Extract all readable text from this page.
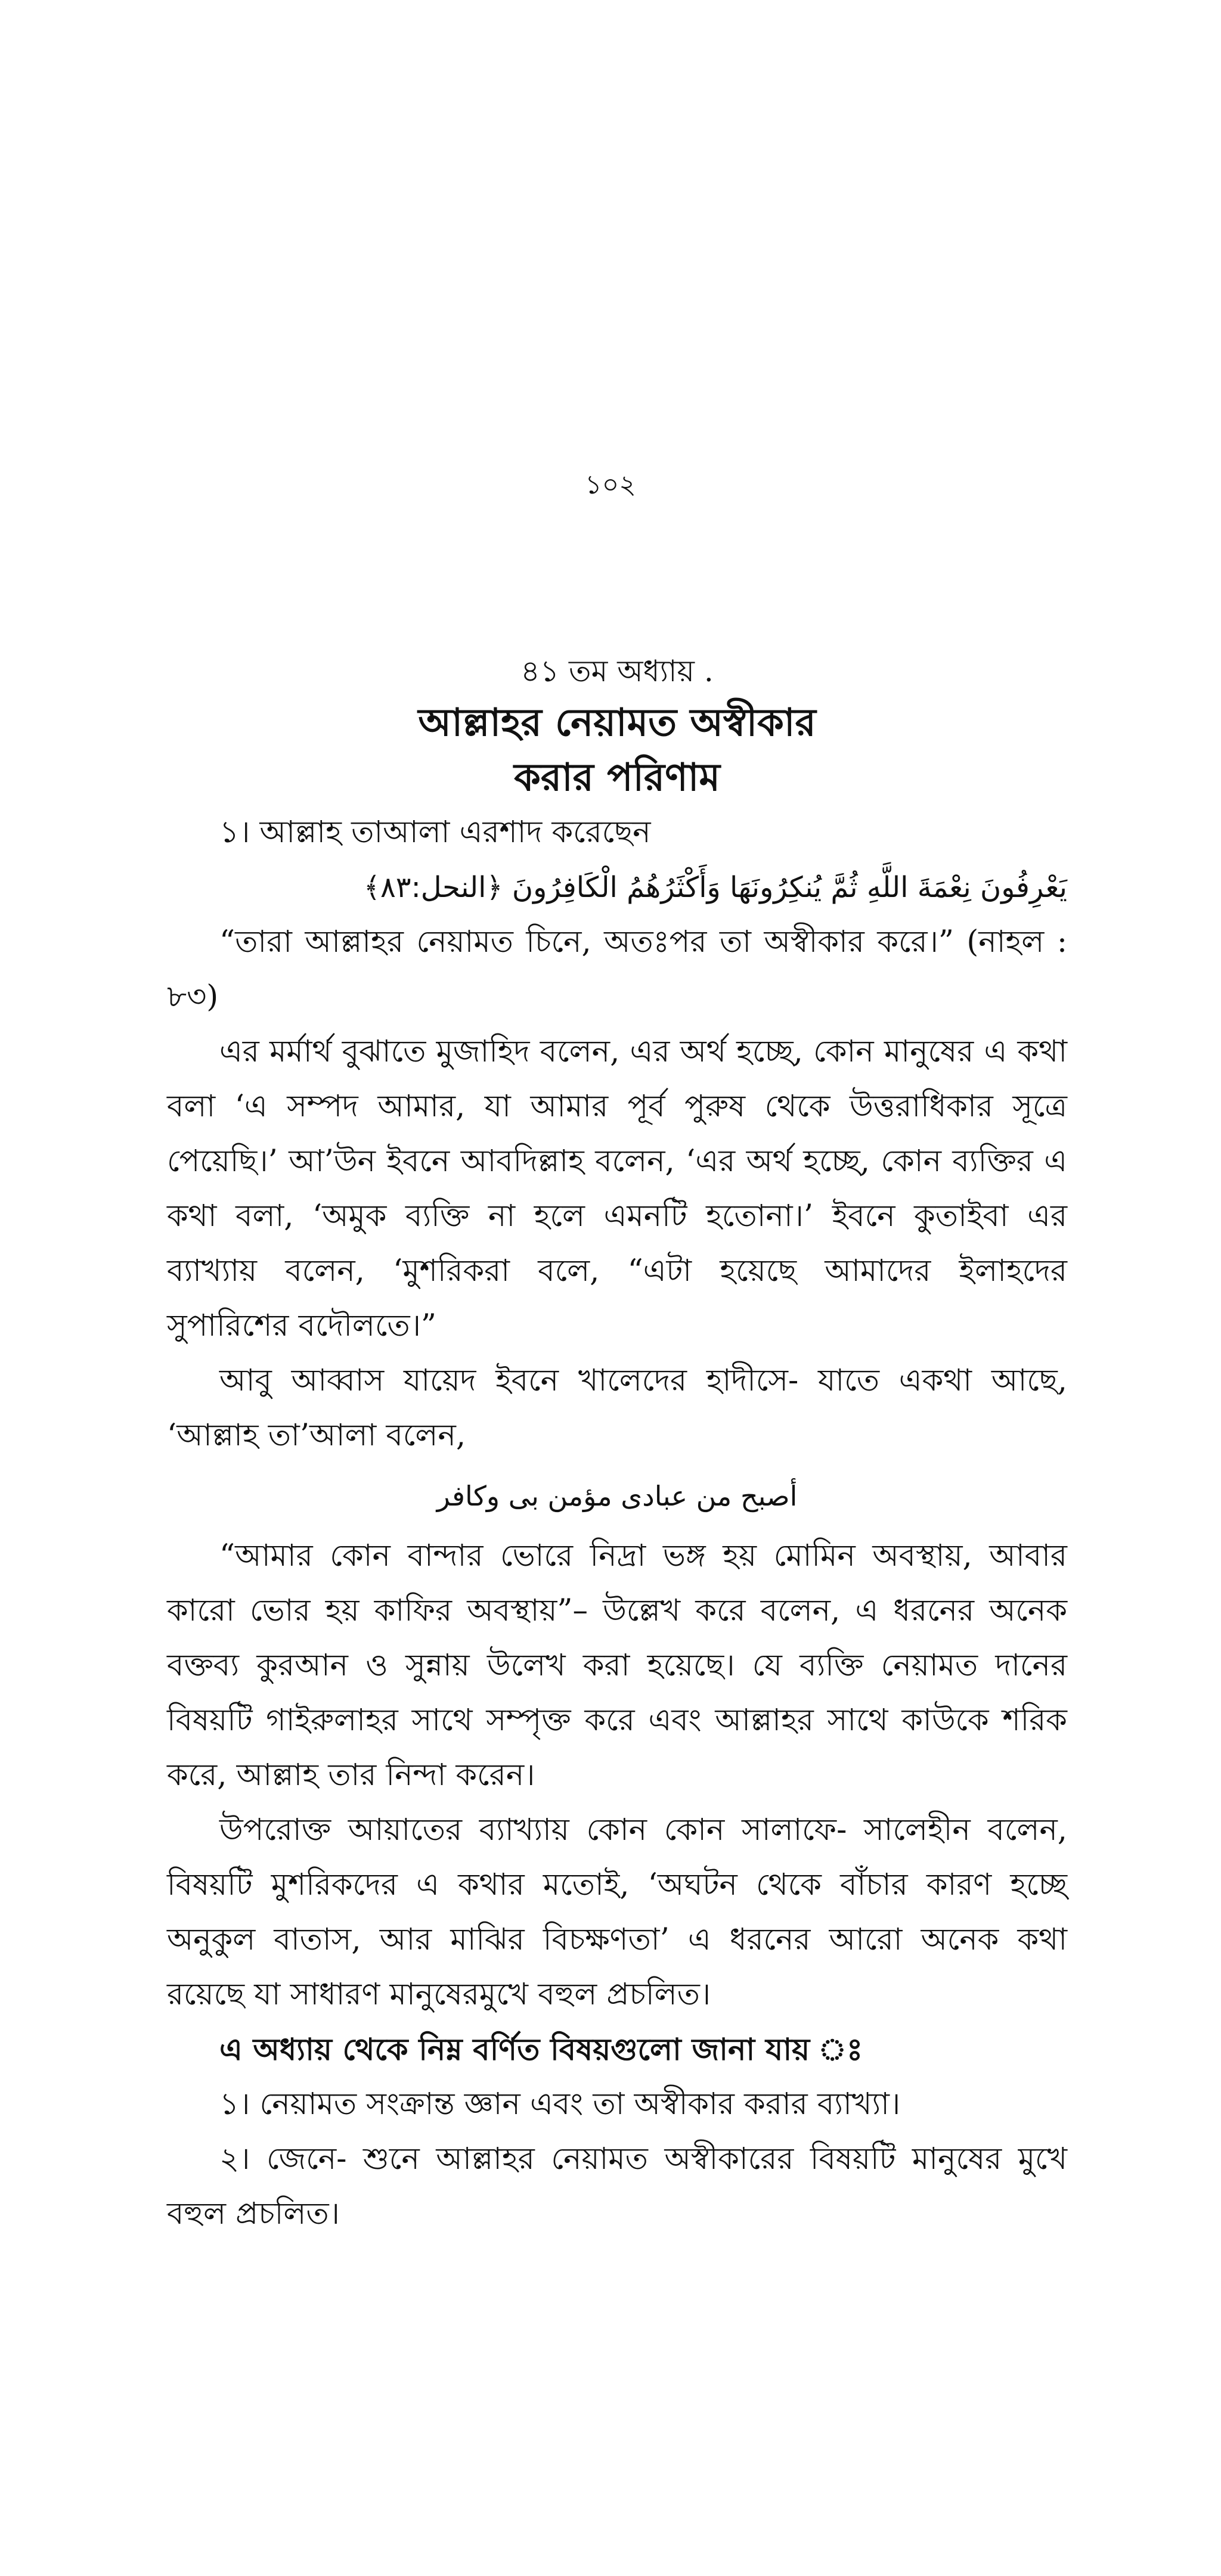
১০২
৪১ তম অধ্যায় .
আল্লাহর নেয়ামত অস্বীকার
করার পরিণাম

১। আল্লাহ তাআলা এরশাদ করেছেন

يَعْرِفُونَ نِعْمَةَ اللَّهِ ثُمَّ يُنكِرُونَهَا وَأَكْثَرُهُمُ الْكَافِرُونَ ﴿النحل:٨٣﴾

“তারা আল্লাহর নেয়ামত চিনে, অতঃপর তা অস্বীকার করে।” (নাহল : ৮৩)

এর মর্মার্থ বুঝাতে মুজাহিদ বলেন, এর অর্থ হচ্ছে, কোন মানুষের এ কথা বলা ‘এ সম্পদ আমার, যা আমার পূর্ব পুরুষ থেকে উত্তরাধিকার সূত্রে পেয়েছি।’ আ’উন ইবনে আবদিল্লাহ বলেন, ‘এর অর্থ হচ্ছে, কোন ব্যক্তির এ কথা বলা, ‘অমুক ব্যক্তি না হলে এমনটি হতোনা।’ ইবনে কুতাইবা এর ব্যাখ্যায় বলেন, ‘মুশরিকরা বলে, “এটা হয়েছে আমাদের ইলাহদের সুপারিশের বদৌলতে।”

আবু আব্বাস যায়েদ ইবনে খালেদের হাদীসে- যাতে একথা আছে, ‘আল্লাহ তা’আলা বলেন,

أصبح من عبادى مؤمن بى وكافر

“আমার কোন বান্দার ভোরে নিদ্রা ভঙ্গ হয় মোমিন অবস্থায়, আবার কারো ভোর হয় কাফির অবস্থায়”– উল্লেখ করে বলেন, এ ধরনের অনেক বক্তব্য কুরআন ও সুন্নায় উলেখ করা হয়েছে। যে ব্যক্তি নেয়ামত দানের বিষয়টি গাইরুলাহর সাথে সম্পৃক্ত করে এবং আল্লাহর সাথে কাউকে শরিক করে, আল্লাহ তার নিন্দা করেন।

উপরোক্ত আয়াতের ব্যাখ্যায় কোন কোন সালাফে- সালেহীন বলেন, বিষয়টি মুশরিকদের এ কথার মতোই, ‘অঘটন থেকে বাঁচার কারণ হচ্ছে অনুকুল বাতাস, আর মাঝির বিচক্ষণতা’ এ ধরনের আরো অনেক কথা রয়েছে যা সাধারণ মানুষেরমুখে বহুল প্রচলিত।

এ অধ্যায় থেকে নিম্ন বর্ণিত বিষয়গুলো জানা যায় ঃ

১। নেয়ামত সংক্রান্ত জ্ঞান এবং তা অস্বীকার করার ব্যাখ্যা।

২। জেনে- শুনে আল্লাহর নেয়ামত অস্বীকারের বিষয়টি মানুষের মুখে বহুল প্রচলিত।
